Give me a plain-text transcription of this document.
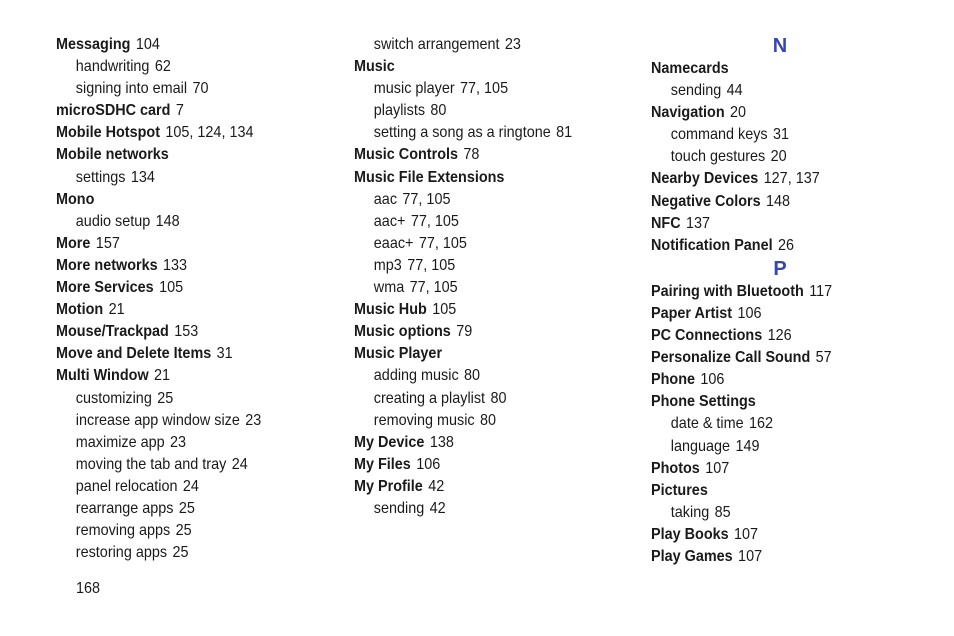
Messaging 104
handwriting 62
signing into email 70
microSDHC card 7
Mobile Hotspot 105, 124, 134
Mobile networks
settings 134
Mono
audio setup 148
More 157
More networks 133
More Services 105
Motion 21
Mouse/Trackpad 153
Move and Delete Items 31
Multi Window 21
customizing 25
increase app window size 23
maximize app 23
moving the tab and tray 24
panel relocation 24
rearrange apps 25
removing apps 25
restoring apps 25
switch arrangement 23
Music
music player 77, 105
playlists 80
setting a song as a ringtone 81
Music Controls 78
Music File Extensions
aac 77, 105
aac+ 77, 105
eaac+ 77, 105
mp3 77, 105
wma 77, 105
Music Hub 105
Music options 79
Music Player
adding music 80
creating a playlist 80
removing music 80
My Device 138
My Files 106
My Profile 42
sending 42
N
Namecards
sending 44
Navigation 20
command keys 31
touch gestures 20
Nearby Devices 127, 137
Negative Colors 148
NFC 137
Notification Panel 26
P
Pairing with Bluetooth 117
Paper Artist 106
PC Connections 126
Personalize Call Sound 57
Phone 106
Phone Settings
date & time 162
language 149
Photos 107
Pictures
taking 85
Play Books 107
Play Games 107
168
